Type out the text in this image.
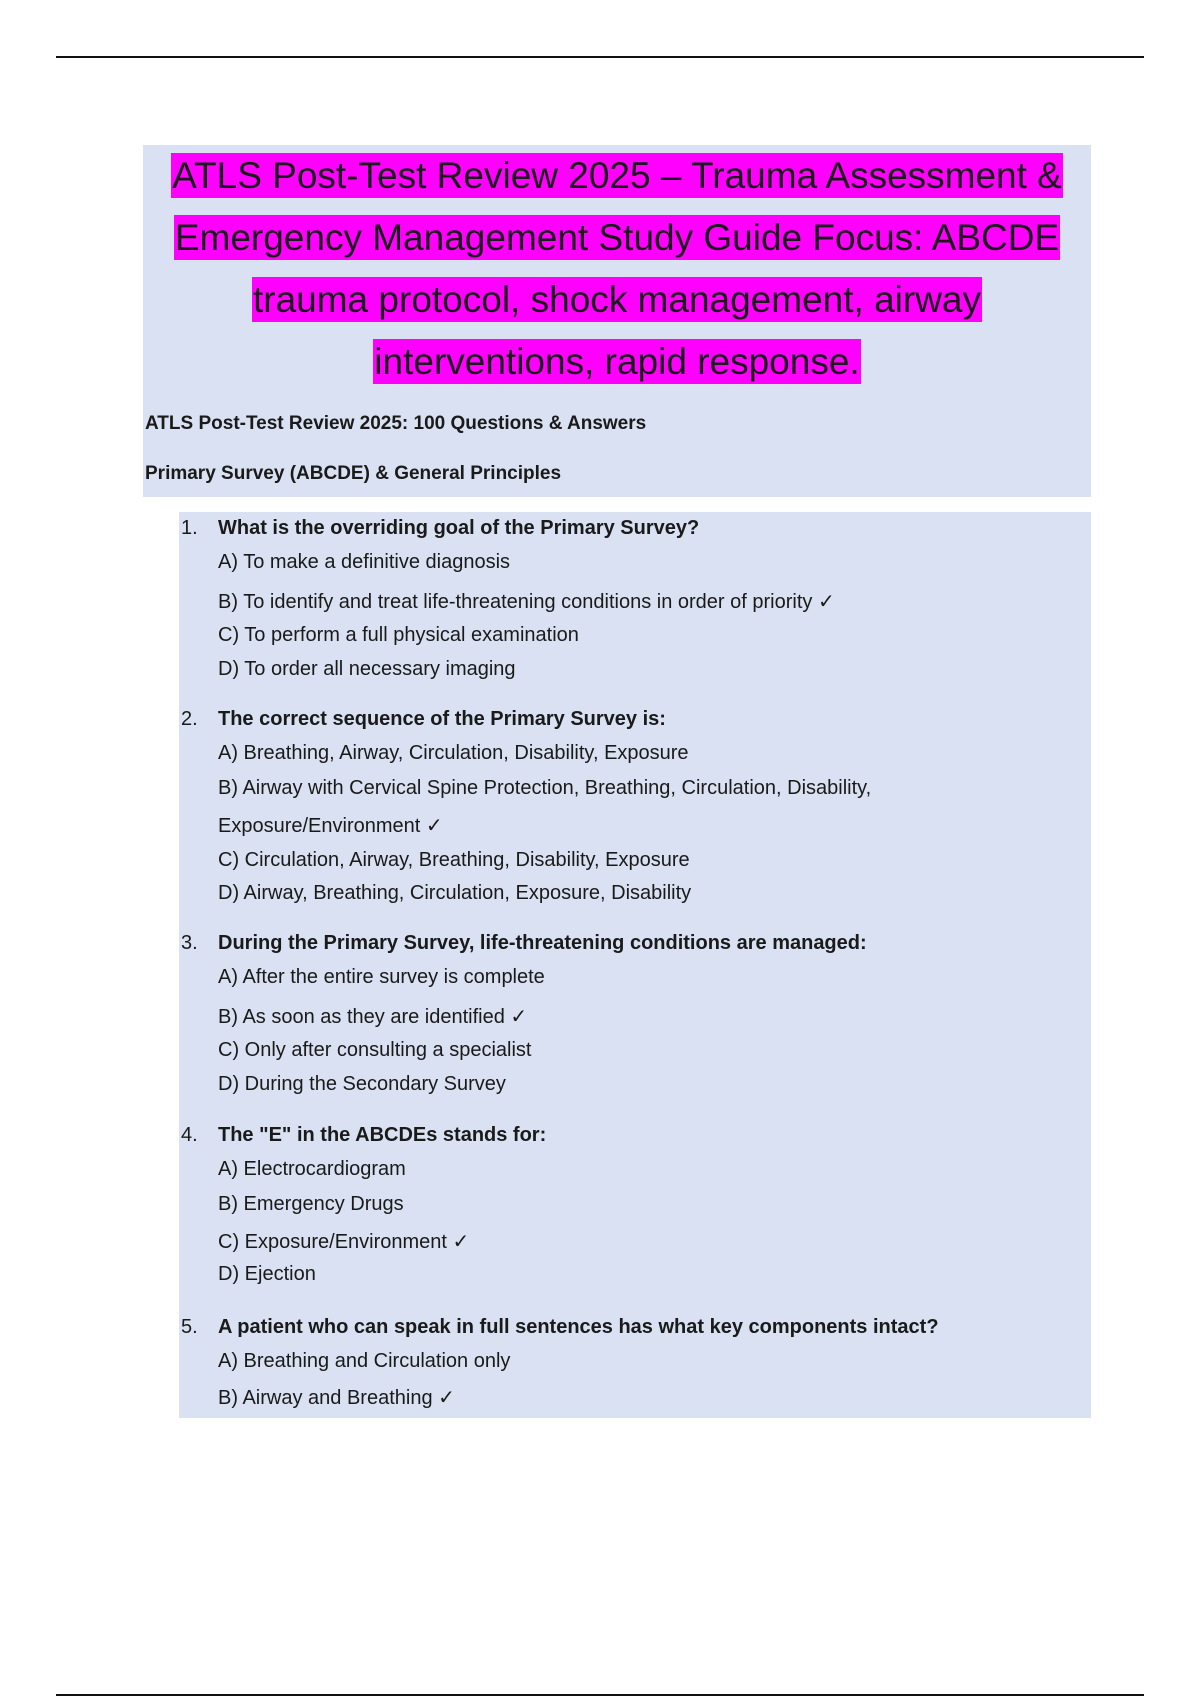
ATLS Post-Test Review 2025 – Trauma Assessment &
Emergency Management Study Guide Focus: ABCDE
trauma protocol, shock management, airway
interventions, rapid response.
ATLS Post-Test Review 2025: 100 Questions & Answers
Primary Survey (ABCDE) & General Principles
1. What is the overriding goal of the Primary Survey?
A) To make a definitive diagnosis
B) To identify and treat life-threatening conditions in order of priority ✓
C) To perform a full physical examination
D) To order all necessary imaging
2. The correct sequence of the Primary Survey is:
A) Breathing, Airway, Circulation, Disability, Exposure
B) Airway with Cervical Spine Protection, Breathing, Circulation, Disability,
Exposure/Environment ✓
C) Circulation, Airway, Breathing, Disability, Exposure
D) Airway, Breathing, Circulation, Exposure, Disability
3. During the Primary Survey, life-threatening conditions are managed:
A) After the entire survey is complete
B) As soon as they are identified ✓
C) Only after consulting a specialist
D) During the Secondary Survey
4. The "E" in the ABCDEs stands for:
A) Electrocardiogram
B) Emergency Drugs
C) Exposure/Environment ✓
D) Ejection
5. A patient who can speak in full sentences has what key components intact?
A) Breathing and Circulation only
B) Airway and Breathing ✓
